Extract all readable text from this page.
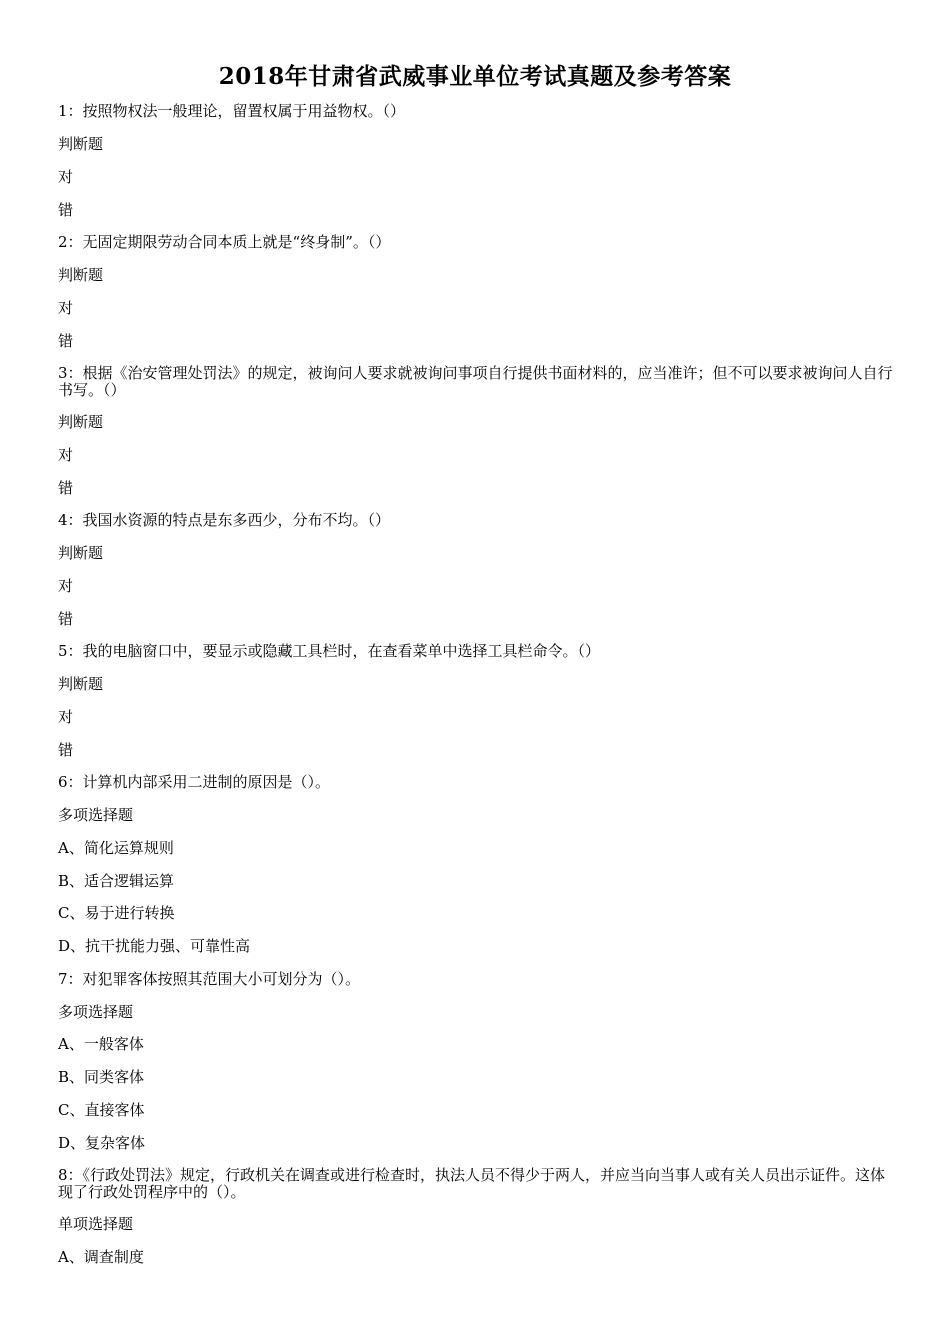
2018年甘肃省武威事业单位考试真题及参考答案
1：按照物权法一般理论，留置权属于用益物权。（）
判断题
对
错
2：无固定期限劳动合同本质上就是“终身制”。（）
判断题
对
错
3：根据《治安管理处罚法》的规定，被询问人要求就被询问事项自行提供书面材料的，应当准许；但不可以要求被询问人自行书写。（）
判断题
对
错
4：我国水资源的特点是东多西少，分布不均。（）
判断题
对
错
5：我的电脑窗口中，要显示或隐藏工具栏时，在查看菜单中选择工具栏命令。（）
判断题
对
错
6：计算机内部采用二进制的原因是（）。
多项选择题
A、简化运算规则
B、适合逻辑运算
C、易于进行转换
D、抗干扰能力强、可靠性高
7：对犯罪客体按照其范围大小可划分为（）。
多项选择题
A、一般客体
B、同类客体
C、直接客体
D、复杂客体
8：《行政处罚法》规定，行政机关在调查或进行检查时，执法人员不得少于两人，并应当向当事人或有关人员出示证件。这体现了行政处罚程序中的（）。
单项选择题
A、调查制度
